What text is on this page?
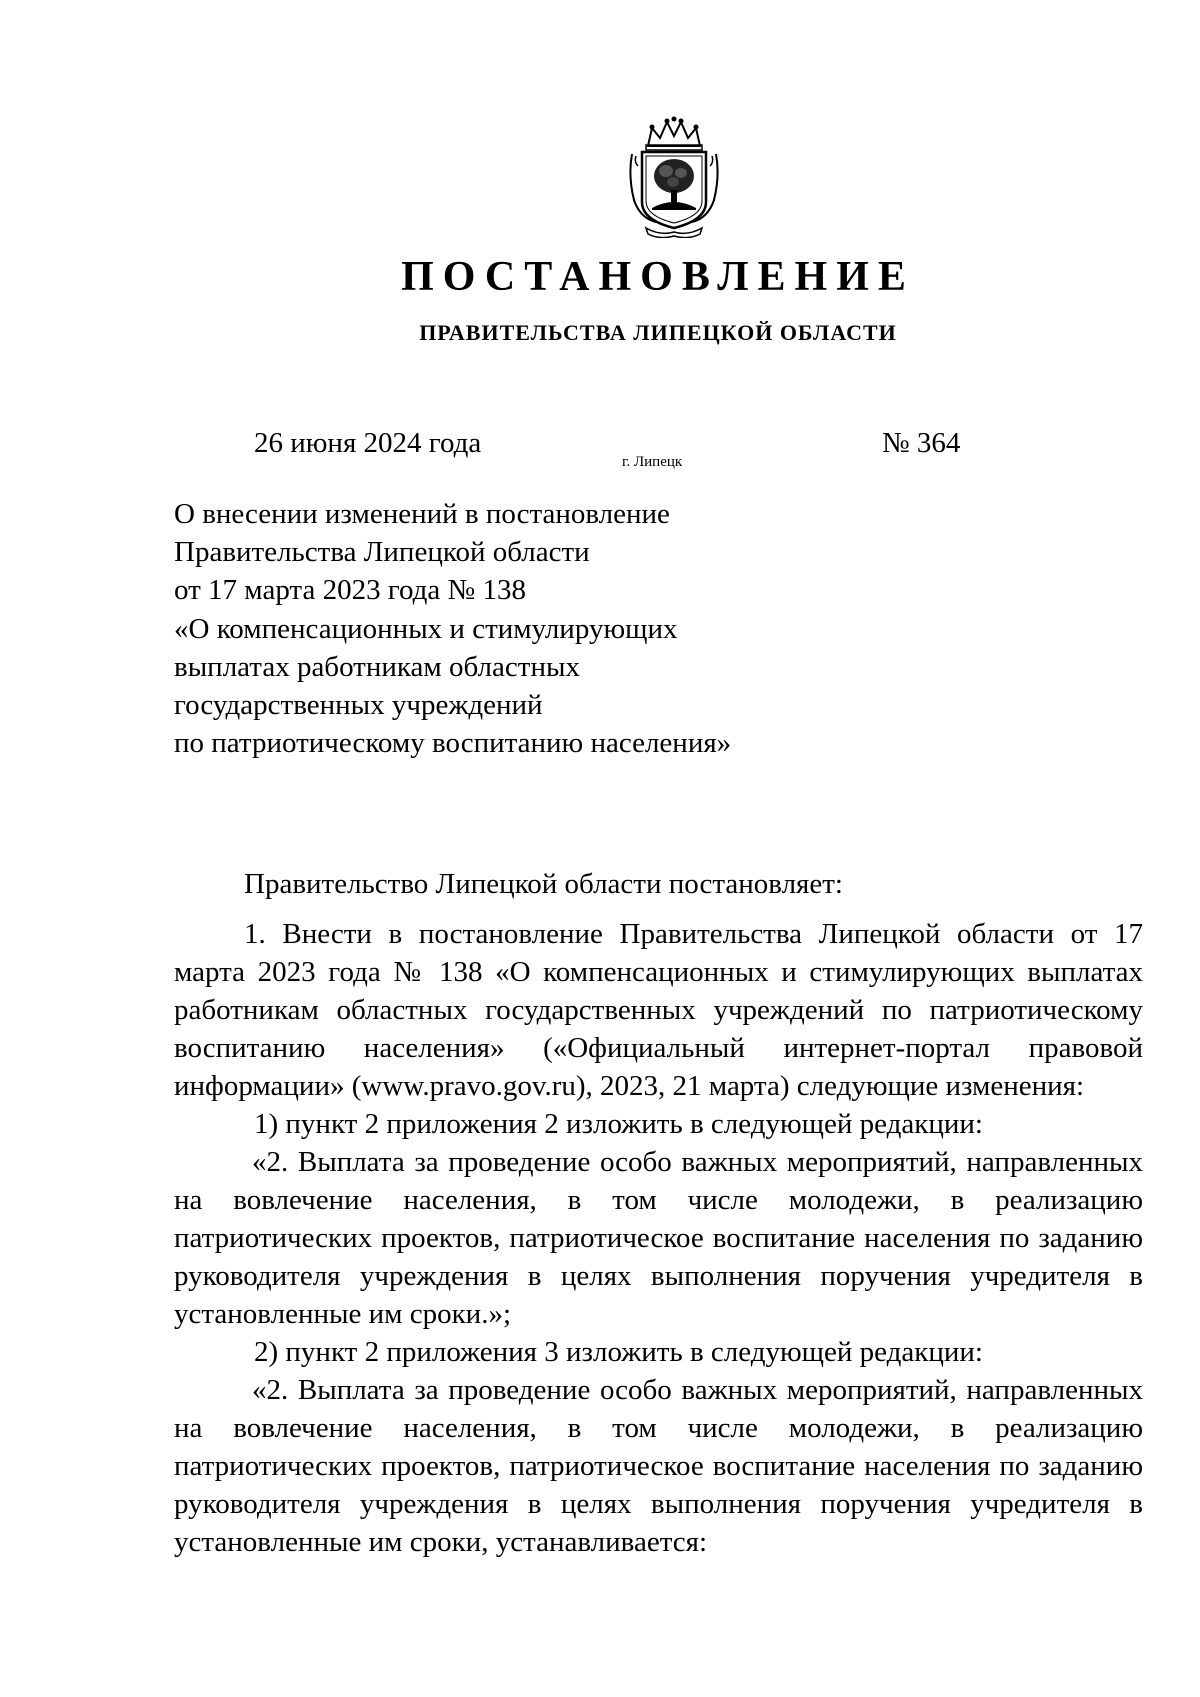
ПОСТАНОВЛЕНИЕ
ПРАВИТЕЛЬСТВА ЛИПЕЦКОЙ ОБЛАСТИ
26 июня 2024 года
г. Липецк
№ 364
О внесении изменений в постановление
Правительства Липецкой области
от 17 марта 2023 года № 138
«О компенсационных и стимулирующих
выплатах работникам областных
государственных учреждений
по патриотическому воспитанию населения»

Правительство Липецкой области постановляет:

1. Внести в постановление Правительства Липецкой области от 17 марта 2023 года № 138 «О компенсационных и стимулирующих выплатах работникам областных государственных учреждений по патриотическому воспитанию населения» («Официальный интернет-портал правовой информации» (www.pravo.gov.ru), 2023, 21 марта) следующие изменения:

1) пункт 2 приложения 2 изложить в следующей редакции:

«2. Выплата за проведение особо важных мероприятий, направленных на вовлечение населения, в том числе молодежи, в реализацию патриотических проектов, патриотическое воспитание населения по заданию руководителя учреждения в целях выполнения поручения учредителя в установленные им сроки.»;

2) пункт 2 приложения 3 изложить в следующей редакции:

«2. Выплата за проведение особо важных мероприятий, направленных на вовлечение населения, в том числе молодежи, в реализацию патриотических проектов, патриотическое воспитание населения по заданию руководителя учреждения в целях выполнения поручения учредителя в установленные им сроки, устанавливается:
